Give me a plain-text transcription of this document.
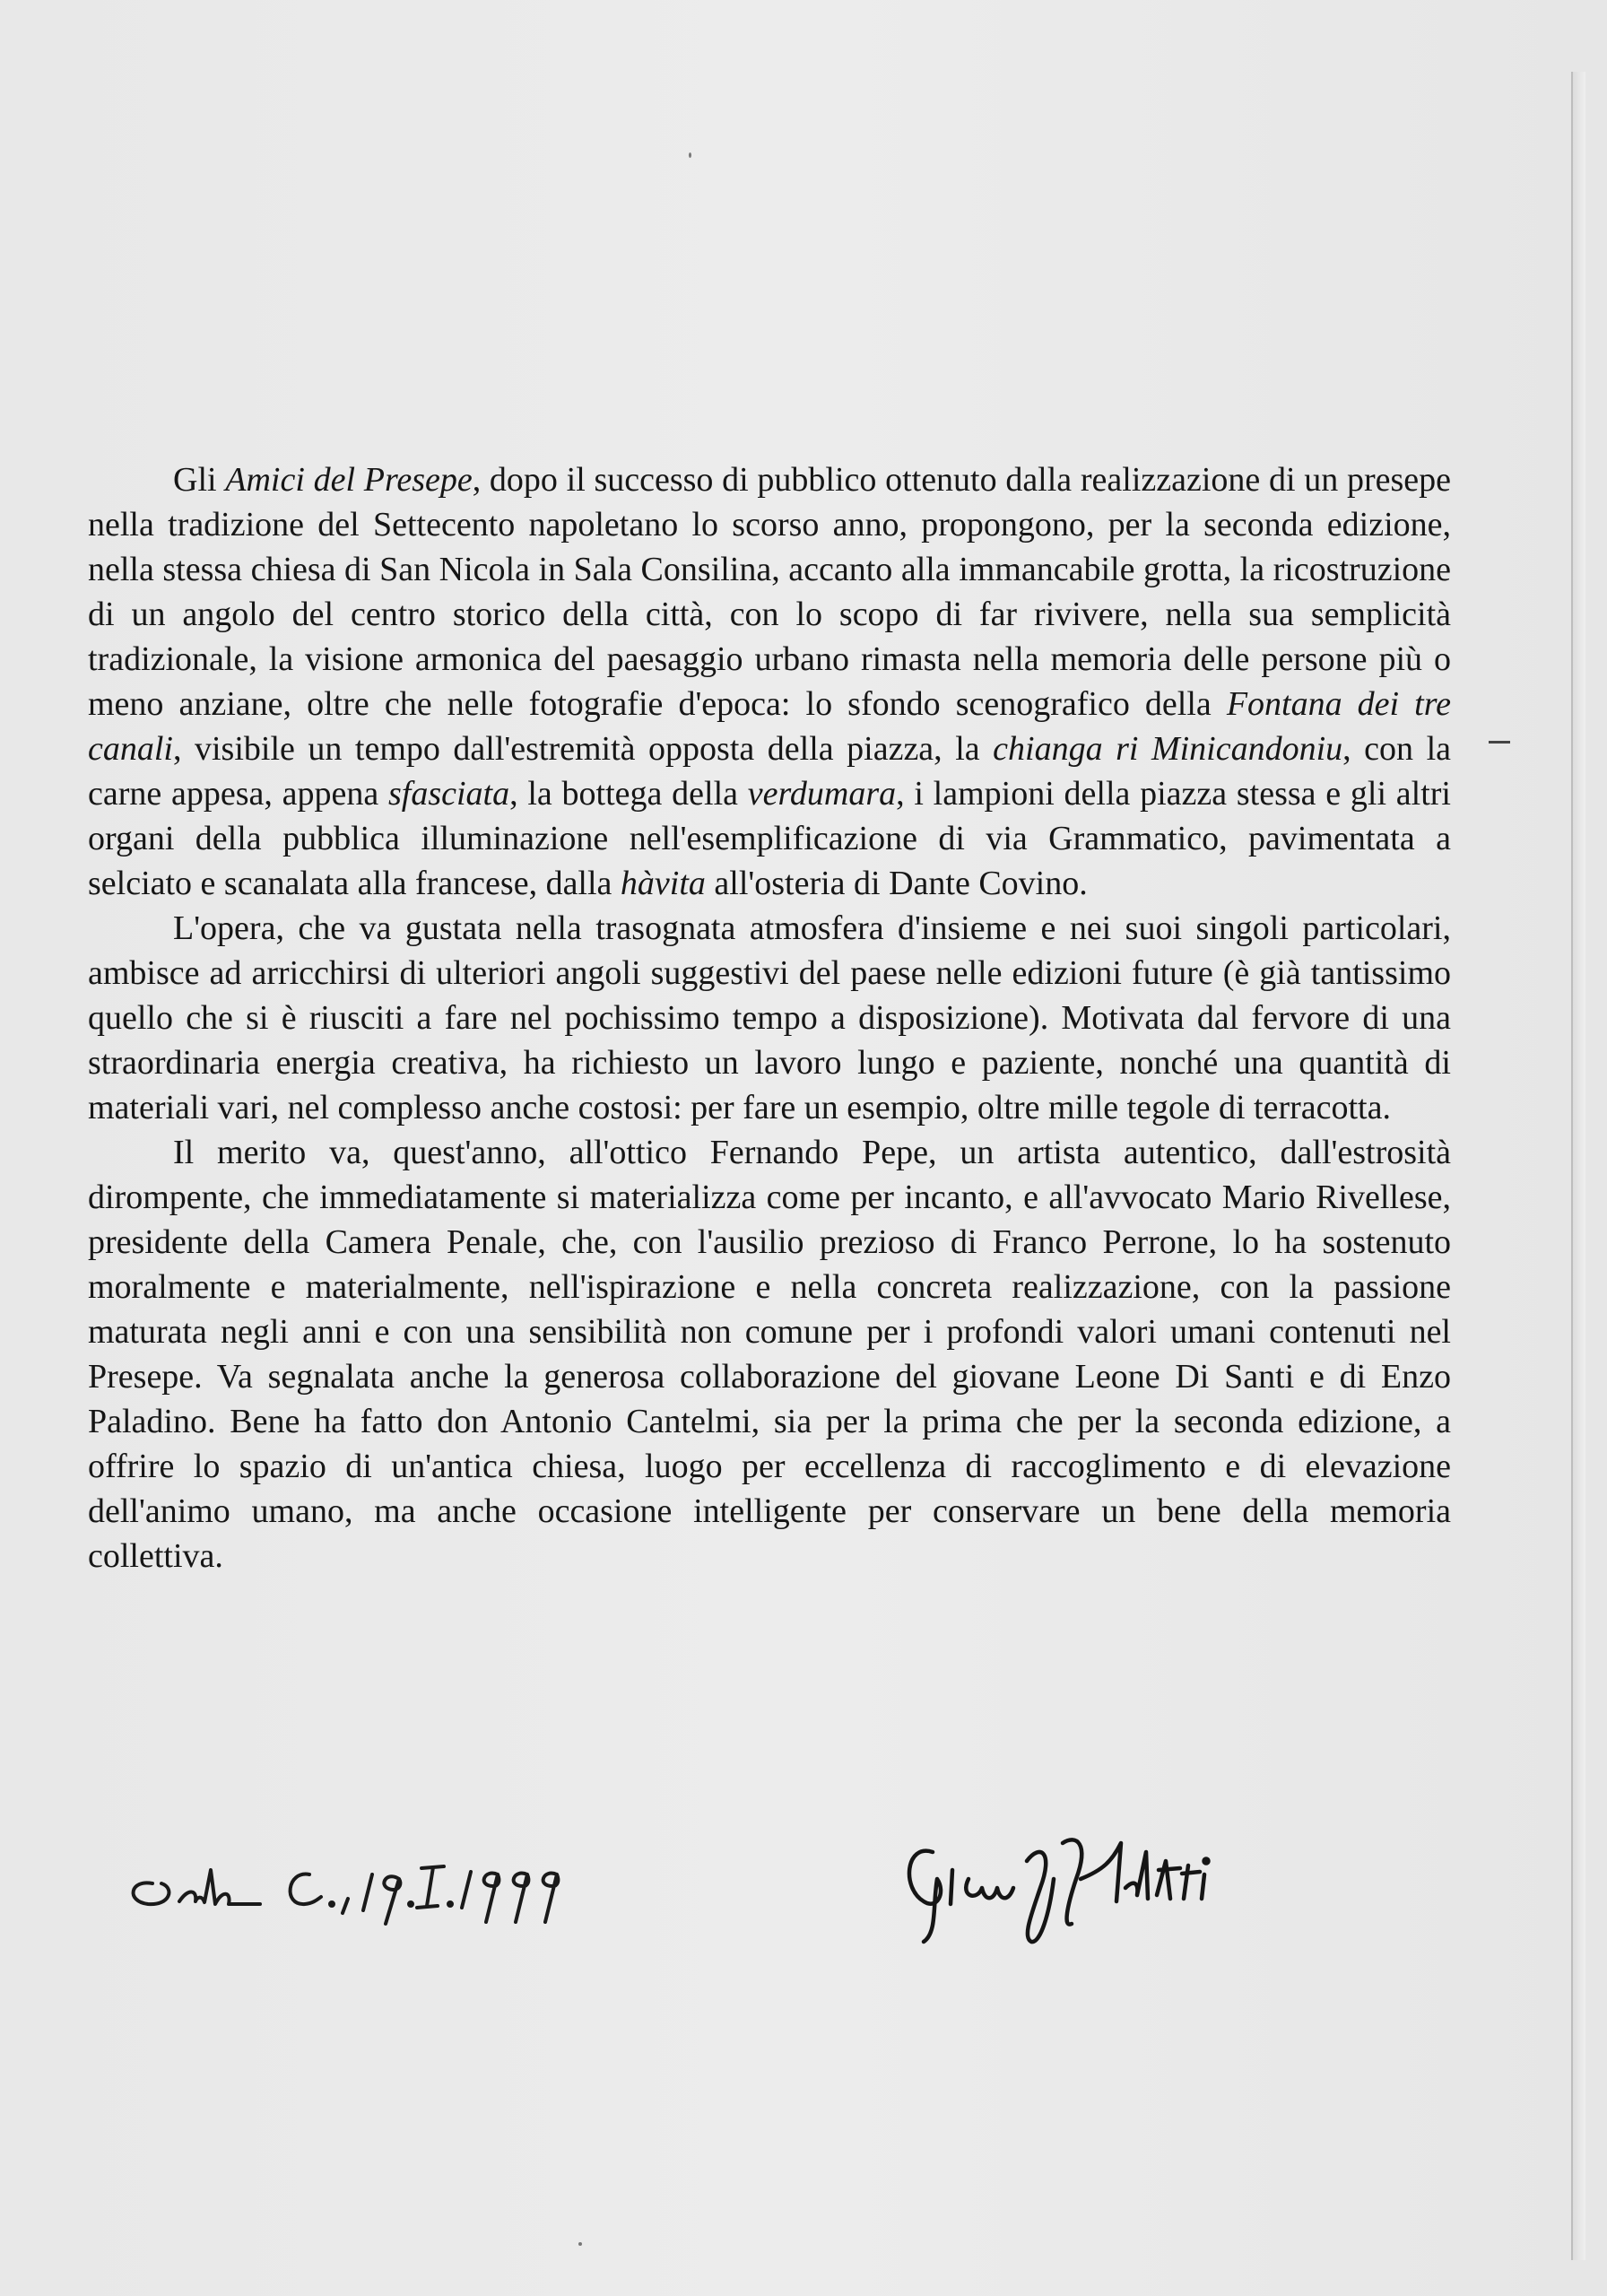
Gli Amici del Presepe, dopo il successo di pubblico ottenuto dalla realizzazione di un presepe nella tradizione del Settecento napoletano lo scorso anno, propongono, per la seconda edizione, nella stessa chiesa di San Nicola in Sala Consilina, accanto alla immancabile grotta, la ricostruzione di un angolo del centro storico della città, con lo scopo di far rivivere, nella sua semplicità tradizionale, la visione armonica del paesaggio urbano rimasta nella memoria delle persone più o meno anziane, oltre che nelle fotografie d'epoca: lo sfondo scenografico della Fontana dei tre canali, visibile un tempo dall'estremità opposta della piazza, la chianga ri Minicandoniu, con la carne appesa, appena sfasciata, la bottega della verdumara, i lampioni della piazza stessa e gli altri organi della pubblica illuminazione nell'esemplificazione di via Grammatico, pavimentata a selciato e scanalata alla francese, dalla hàvita all'osteria di Dante Covino.

L'opera, che va gustata nella trasognata atmosfera d'insieme e nei suoi singoli particolari, ambisce ad arricchirsi di ulteriori angoli suggestivi del paese nelle edizioni future (è già tantissimo quello che si è riusciti a fare nel pochissimo tempo a disposizione). Motivata dal fervore di una straordinaria energia creativa, ha richiesto un lavoro lungo e paziente, nonché una quantità di materiali vari, nel complesso anche costosi: per fare un esempio, oltre mille tegole di terracotta.

Il merito va, quest'anno, all'ottico Fernando Pepe, un artista autentico, dall'estrosità dirompente, che immediatamente si materializza come per incanto, e all'avvocato Mario Rivellese, presidente della Camera Penale, che, con l'ausilio prezioso di Franco Perrone, lo ha sostenuto moralmente e materialmente, nell'ispirazione e nella concreta realizzazione, con la passione maturata negli anni e con una sensibilità non comune per i profondi valori umani contenuti nel Presepe. Va segnalata anche la generosa collaborazione del giovane Leone Di Santi e di Enzo Paladino. Bene ha fatto don Antonio Cantelmi, sia per la prima che per la seconda edizione, a offrire lo spazio di un'antica chiesa, luogo per eccellenza di raccoglimento e di elevazione dell'animo umano, ma anche occasione intelligente per conservare un bene della memoria collettiva.
